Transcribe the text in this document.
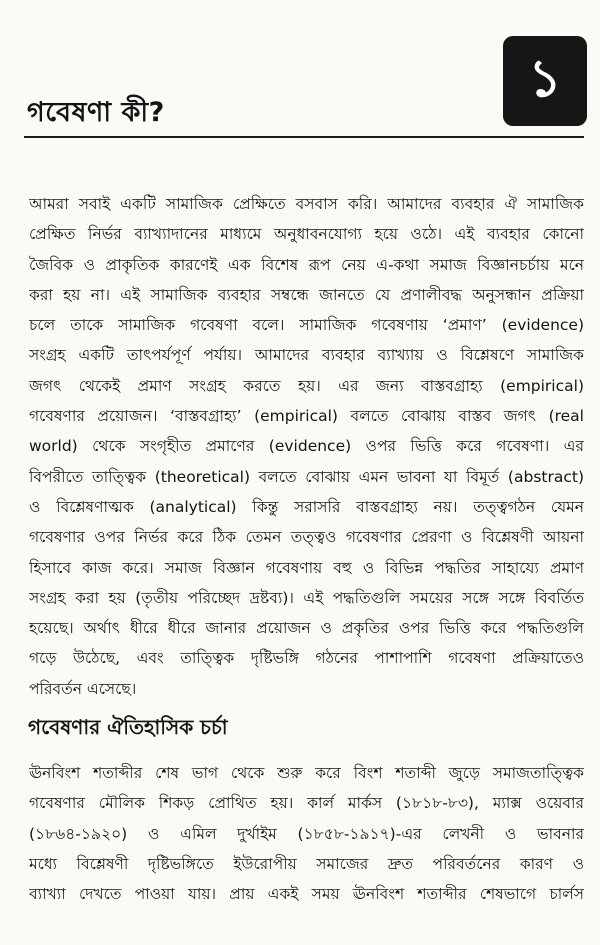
১
গবেষণা কী?
আমরা সবাই একটি সামাজিক প্রেক্ষিতে বসবাস করি। আমাদের ব্যবহার ঐ সামাজিক
প্রেক্ষিত নির্ভর ব্যাখ্যাদানের মাধ্যমে অনুধাবনযোগ্য হয়ে ওঠে। এই ব্যবহার কোনো
জৈবিক ও প্রাকৃতিক কারণেই এক বিশেষ রূপ নেয় এ-কথা সমাজ বিজ্ঞানচর্চায় মনে
করা হয় না। এই সামাজিক ব্যবহার সম্বন্ধে জানতে যে প্রণালীবদ্ধ অনুসন্ধান প্রক্রিয়া
চলে তাকে সামাজিক গবেষণা বলে। সামাজিক গবেষণায় ‘প্রমাণ’ (evidence)
সংগ্রহ একটি তাৎপর্যপূর্ণ পর্যায়। আমাদের ব্যবহার ব্যাখ্যায় ও বিশ্লেষণে সামাজিক
জগৎ থেকেই প্রমাণ সংগ্রহ করতে হয়। এর জন্য বাস্তবগ্রাহ্য (empirical)
গবেষণার প্রয়োজন। ‘বাস্তবগ্রাহ্য’ (empirical) বলতে বোঝায় বাস্তব জগৎ (real
world) থেকে সংগৃহীত প্রমাণের (evidence) ওপর ভিত্তি করে গবেষণা। এর
বিপরীতে তাত্ত্বিক (theoretical) বলতে বোঝায় এমন ভাবনা যা বিমূর্ত (abstract)
ও বিশ্লেষণাত্মক (analytical) কিন্তু সরাসরি বাস্তবগ্রাহ্য নয়। তত্ত্বগঠন যেমন
গবেষণার ওপর নির্ভর করে ঠিক তেমন তত্ত্বও গবেষণার প্রেরণা ও বিশ্লেষণী আয়না
হিসাবে কাজ করে। সমাজ বিজ্ঞান গবেষণায় বহু ও বিভিন্ন পদ্ধতির সাহায্যে প্রমাণ
সংগ্রহ করা হয় (তৃতীয় পরিচ্ছেদ দ্রষ্টব্য)। এই পদ্ধতিগুলি সময়ের সঙ্গে সঙ্গে বিবর্তিত
হয়েছে। অর্থাৎ ধীরে ধীরে জানার প্রয়োজন ও প্রকৃতির ওপর ভিত্তি করে পদ্ধতিগুলি
গড়ে উঠেছে, এবং তাত্ত্বিক দৃষ্টিভঙ্গি গঠনের পাশাপাশি গবেষণা প্রক্রিয়াতেও
পরিবর্তন এসেছে।
গবেষণার ঐতিহাসিক চর্চা
ঊনবিংশ শতাব্দীর শেষ ভাগ থেকে শুরু করে বিংশ শতাব্দী জুড়ে সমাজতাত্ত্বিক
গবেষণার মৌলিক শিকড় প্রোথিত হয়। কার্ল মার্কস (১৮১৮-৮৩), ম্যাক্স ওয়েবার
(১৮৬৪-১৯২০) ও এমিল দুর্খাইম (১৮৫৮-১৯১৭)-এর লেখনী ও ভাবনার
মধ্যে বিশ্লেষণী দৃষ্টিভঙ্গিতে ইউরোপীয় সমাজের দ্রুত পরিবর্তনের কারণ ও
ব্যাখ্যা দেখতে পাওয়া যায়। প্রায় একই সময় ঊনবিংশ শতাব্দীর শেষভাগে চার্লস
